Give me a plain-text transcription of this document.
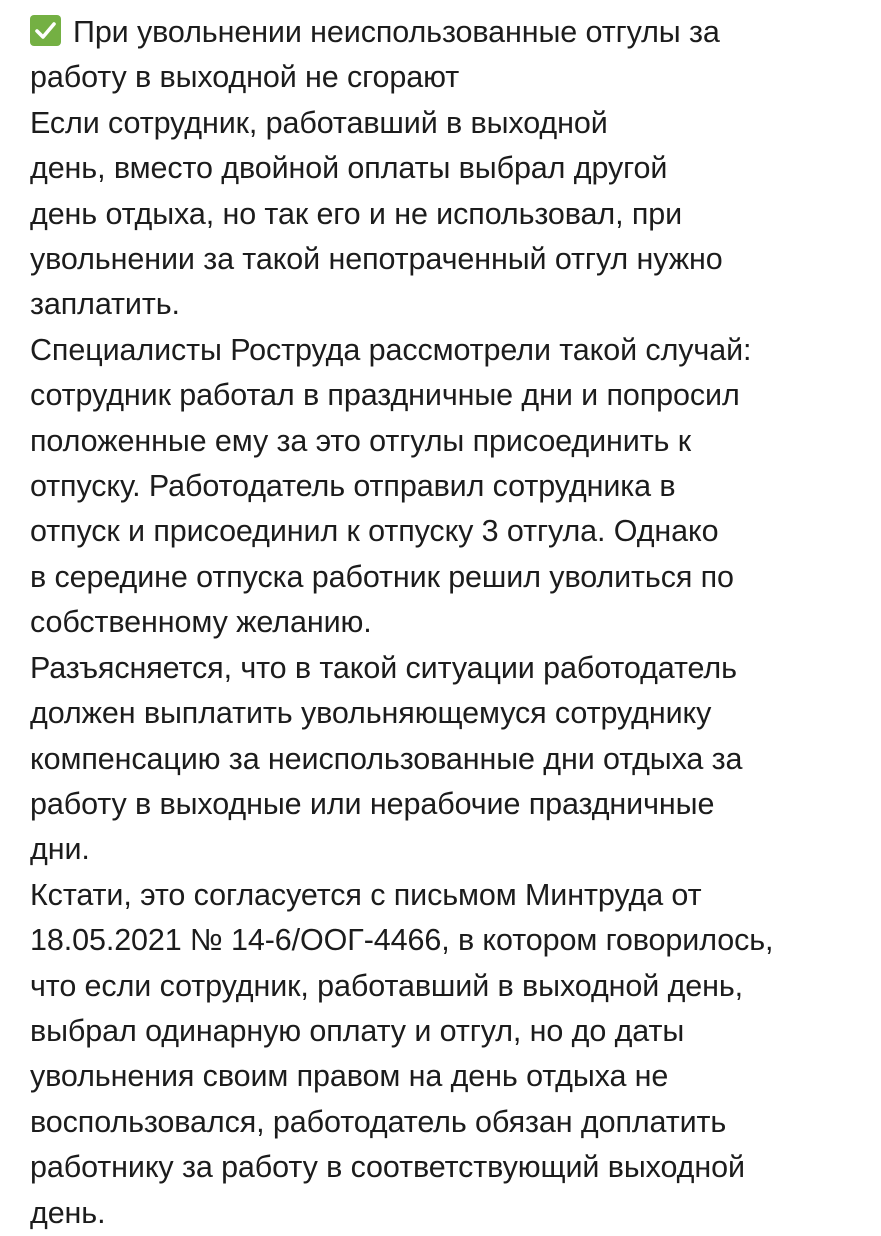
При увольнении неиспользованные отгулы за
работу в выходной не сгорают
Если сотрудник, работавший в выходной
день, вместо двойной оплаты выбрал другой
день отдыха, но так его и не использовал, при
увольнении за такой непотраченный отгул нужно
заплатить.
Специалисты Роструда рассмотрели такой случай:
сотрудник работал в праздничные дни и попросил
положенные ему за это отгулы присоединить к
отпуску. Работодатель отправил сотрудника в
отпуск и присоединил к отпуску 3 отгула. Однако
в середине отпуска работник решил уволиться по
собственному желанию.
Разъясняется, что в такой ситуации работодатель
должен выплатить увольняющемуся сотруднику
компенсацию за неиспользованные дни отдыха за
работу в выходные или нерабочие праздничные
дни.
Кстати, это согласуется с письмом Минтруда от
18.05.2021 № 14-6/ООГ-4466, в котором говорилось,
что если сотрудник, работавший в выходной день,
выбрал одинарную оплату и отгул, но до даты
увольнения своим правом на день отдыха не
воспользовался, работодатель обязан доплатить
работнику за работу в соответствующий выходной
день.
